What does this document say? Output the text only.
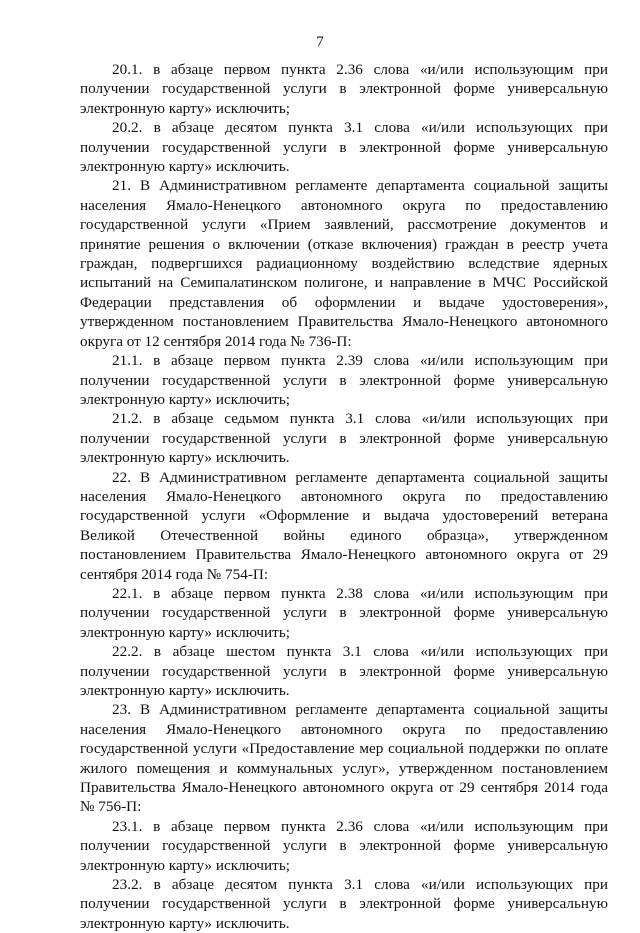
7

20.1. в абзаце первом пункта 2.36 слова «и/или использующим при получении государственной услуги в электронной форме универсальную электронную карту» исключить;

20.2. в абзаце десятом пункта 3.1 слова «и/или использующих при получении государственной услуги в электронной форме универсальную электронную карту» исключить.

21. В Административном регламенте департамента социальной защиты населения Ямало-Ненецкого автономного округа по предоставлению государственной услуги «Прием заявлений, рассмотрение документов и принятие решения о включении (отказе включения) граждан в реестр учета граждан, подвергшихся радиационному воздействию вследствие ядерных испытаний на Семипалатинском полигоне, и направление в МЧС Российской Федерации представления об оформлении и выдаче удостоверения», утвержденном постановлением Правительства Ямало-Ненецкого автономного округа от 12 сентября 2014 года № 736-П:

21.1. в абзаце первом пункта 2.39 слова «и/или использующим при получении государственной услуги в электронной форме универсальную электронную карту» исключить;

21.2. в абзаце седьмом пункта 3.1 слова «и/или использующих при получении государственной услуги в электронной форме универсальную электронную карту» исключить.

22. В Административном регламенте департамента социальной защиты населения Ямало-Ненецкого автономного округа по предоставлению государственной услуги «Оформление и выдача удостоверений ветерана Великой Отечественной войны единого образца», утвержденном постановлением Правительства Ямало-Ненецкого автономного округа от 29 сентября 2014 года № 754-П:

22.1. в абзаце первом пункта 2.38 слова «и/или использующим при получении государственной услуги в электронной форме универсальную электронную карту» исключить;

22.2. в абзаце шестом пункта 3.1 слова «и/или использующих при получении государственной услуги в электронной форме универсальную электронную карту» исключить.

23. В Административном регламенте департамента социальной защиты населения Ямало-Ненецкого автономного округа по предоставлению государственной услуги «Предоставление мер социальной поддержки по оплате жилого помещения и коммунальных услуг», утвержденном постановлением Правительства Ямало-Ненецкого автономного округа от 29 сентября 2014 года № 756-П:

23.1. в абзаце первом пункта 2.36 слова «и/или использующим при получении государственной услуги в электронной форме универсальную электронную карту» исключить;

23.2. в абзаце десятом пункта 3.1 слова «и/или использующих при получении государственной услуги в электронной форме универсальную электронную карту» исключить.
